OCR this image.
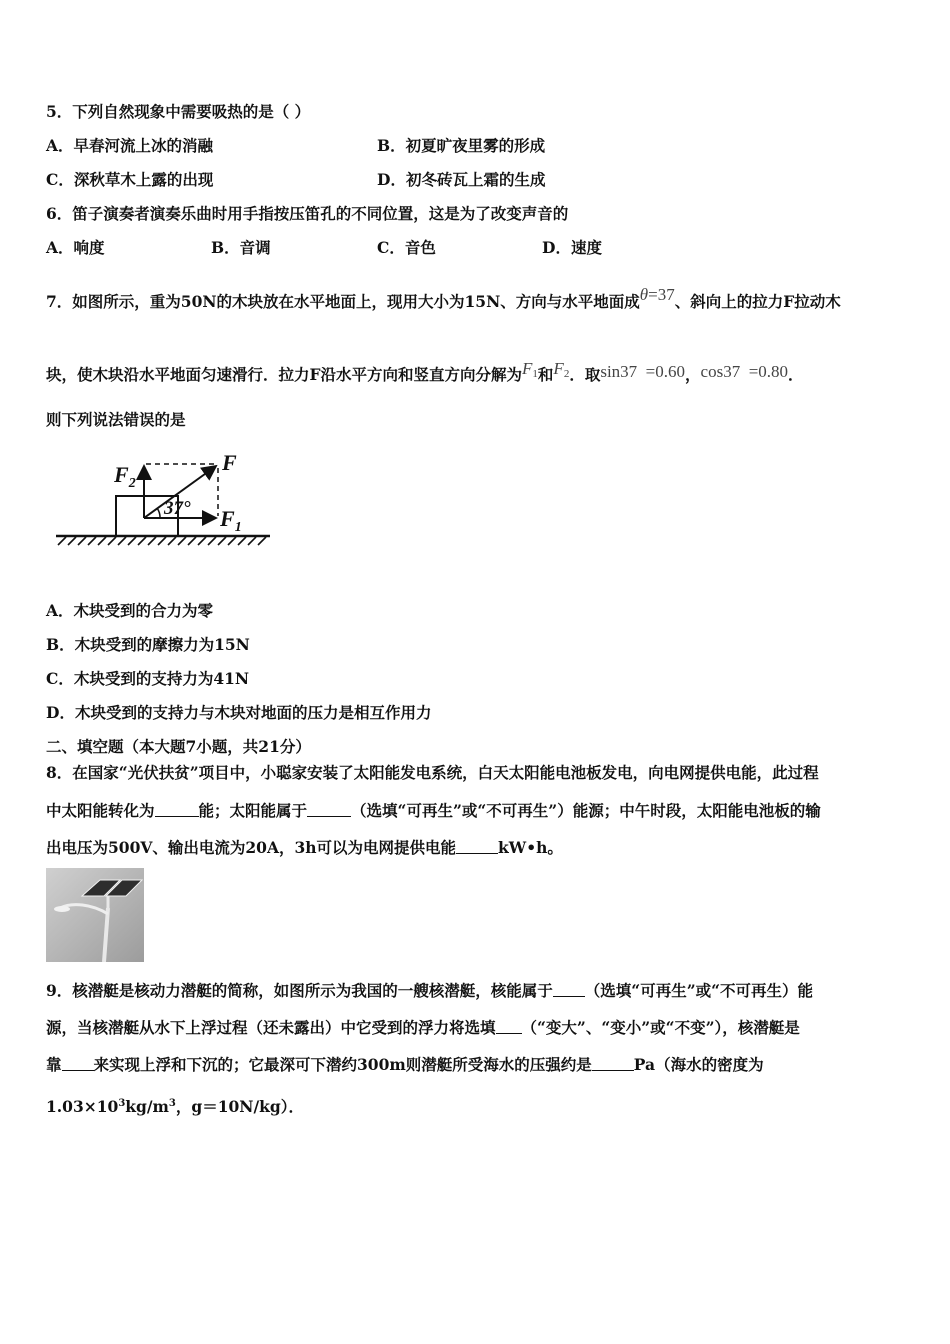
5．下列自然现象中需要吸热的是（ ）
A．早春河流上冰的消融	B．初夏旷夜里雾的形成
C．深秋草木上露的出现	D．初冬砖瓦上霜的生成
6．笛子演奏者演奏乐曲时用手指按压笛孔的不同位置，这是为了改变声音的
A．响度	B．音调	C．音色	D．速度
7．如图所示，重为50N的木块放在水平地面上，现用大小为15N、方向与水平地面成θ=37、斜向上的拉力F拉动木
块，使木块沿水平地面匀速滑行．拉力F沿水平方向和竖直方向分解为$F_1$和$F_2$．取sin37 =0.60，cos37 =0.80．
则下列说法错误的是
$F_2$
F
$F_1$
37°
A．木块受到的合力为零
B．木块受到的摩擦力为15N
C．木块受到的支持力为41N
D．木块受到的支持力与木块对地面的压力是相互作用力
二、填空题（本大题7小题，共21分）
8．在国家“光伏扶贫”项目中，小聪家安装了太阳能发电系统，白天太阳能电池板发电，向电网提供电能，此过程
中太阳能转化为	能；太阳能属于	（选填“可再生”或“不可再生”）能源；中午时段，太阳能电池板的输
出电压为500V、输出电流为20A，3h可以为电网提供电能	kW•h。
9．核潜艇是核动力潜艇的简称，如图所示为我国的一艘核潜艇，核能属于 （选填“可再生”或“不可再生）能
源，当核潜艇从水下上浮过程（还未露出）中它受到的浮力将选填 （“变大”、“变小”或“不变”），核潜艇是
靠 来实现上浮和下沉的；它最深可下潜约300m则潜艇所受海水的压强约是	Pa（海水的密度为
$1.03\times 10^3kg/m^3$，g＝10N/kg）．
